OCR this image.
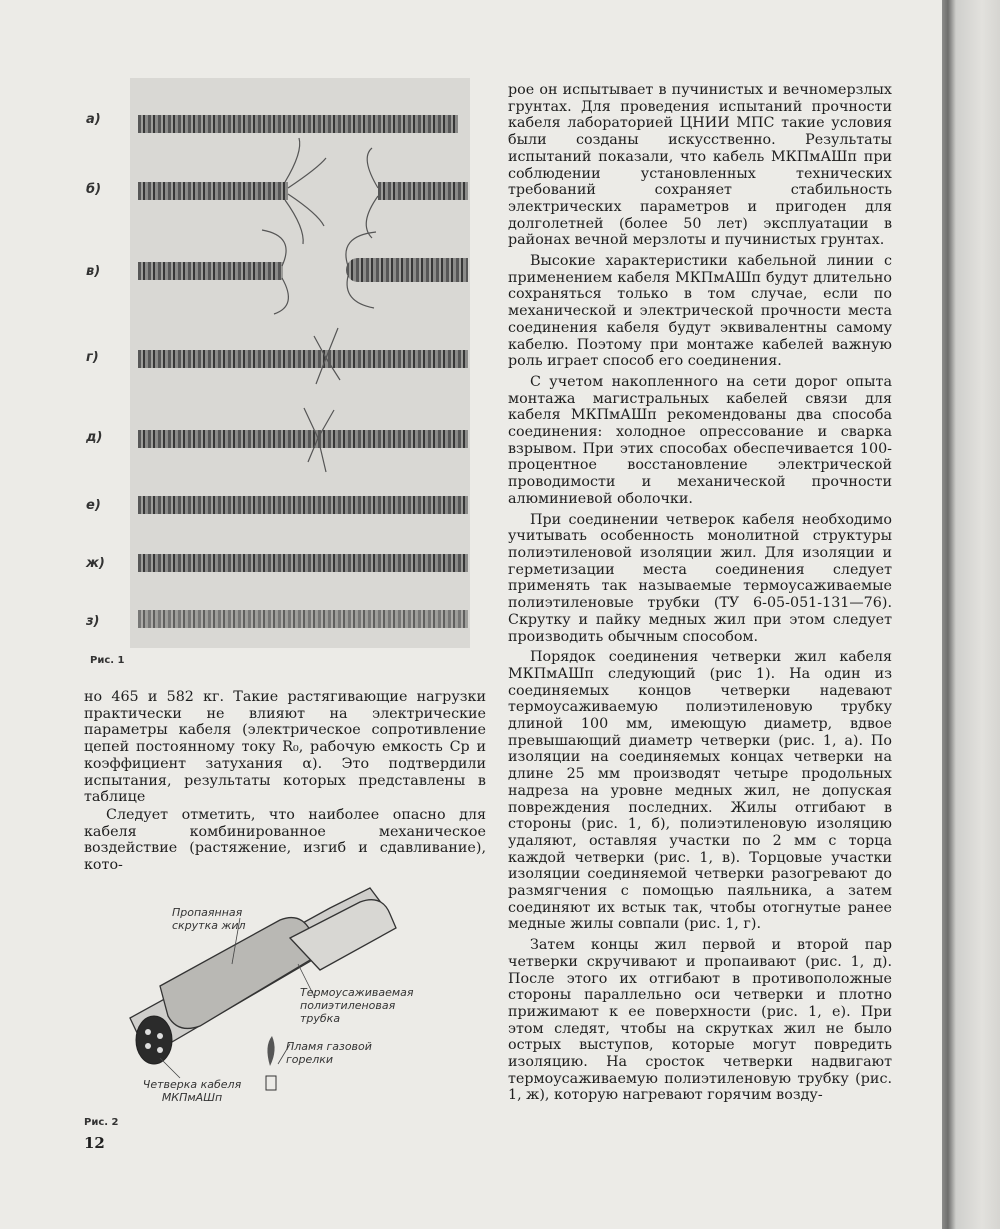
а)
б)
в)
г)
д)
е)
ж)
з)
Рис. 1

но 465 и 582 кг. Такие растягивающие нагрузки практически не влияют на электрические параметры кабеля (электрическое сопротивление цепей постоянному току R₀, рабочую емкость Cр и коэффициент затухания α). Это подтвердили испытания, результаты которых представлены в таблице

Следует отметить, что наиболее опасно для кабеля комбинированное механическое воздействие (растяжение, изгиб и сдавливание), кото-

Пропаянная скрутка жил
Термоусаживаемая полиэтиленовая трубка
Пламя газовой горелки
Четверка кабеля МКПмАШп
Рис. 2
12

рое он испытывает в пучинистых и вечномерзлых грунтах. Для проведения испытаний прочности кабеля лабораторией ЦНИИ МПС такие условия были созданы искусственно. Результаты испытаний показали, что кабель МКПмАШп при соблюдении установленных технических требований сохраняет стабильность электрических параметров и пригоден для долголетней (более 50 лет) эксплуатации в районах вечной мерзлоты и пучинистых грунтах.

Высокие характеристики кабельной линии с применением кабеля МКПмАШп будут длительно сохраняться только в том случае, если по механической и электрической прочности места соединения кабеля будут эквивалентны самому кабелю. Поэтому при монтаже кабелей важную роль играет способ его соединения.

С учетом накопленного на сети дорог опыта монтажа магистральных кабелей связи для кабеля МКПмАШп рекомендованы два способа соединения: холодное опрессование и сварка взрывом. При этих способах обеспечивается 100-процентное восстановление электрической проводимости и механической прочности алюминиевой оболочки.

При соединении четверок кабеля необходимо учитывать особенность монолитной структуры полиэтиленовой изоляции жил. Для изоляции и герметизации места соединения следует применять так называемые термоусаживаемые полиэтиленовые трубки (ТУ 6-05-051-131—76). Скрутку и пайку медных жил при этом следует производить обычным способом.

Порядок соединения четверки жил кабеля МКПмАШп следующий (рис 1). На один из соединяемых концов четверки надевают термоусаживаемую полиэтиленовую трубку длиной 100 мм, имеющую диаметр, вдвое превышающий диаметр четверки (рис. 1, а). По изоляции на соединяемых концах четверки на длине 25 мм производят четыре продольных надреза на уровне медных жил, не допуская повреждения последних. Жилы отгибают в стороны (рис. 1, б), полиэтиленовую изоляцию удаляют, оставляя участки по 2 мм с торца каждой четверки (рис. 1, в). Торцовые участки изоляции соединяемой четверки разогревают до размягчения с помощью паяльника, а затем соединяют их встык так, чтобы отогнутые ранее медные жилы совпали (рис. 1, г).

Затем концы жил первой и второй пар четверки скручивают и пропаивают (рис. 1, д). После этого их отгибают в противоположные стороны параллельно оси четверки и плотно прижимают к ее поверхности (рис. 1, е). При этом следят, чтобы на скрутках жил не было острых выступов, которые могут повредить изоляцию. На сросток четверки надвигают термоусаживаемую полиэтиленовую трубку (рис. 1, ж), которую нагревают горячим возду-
